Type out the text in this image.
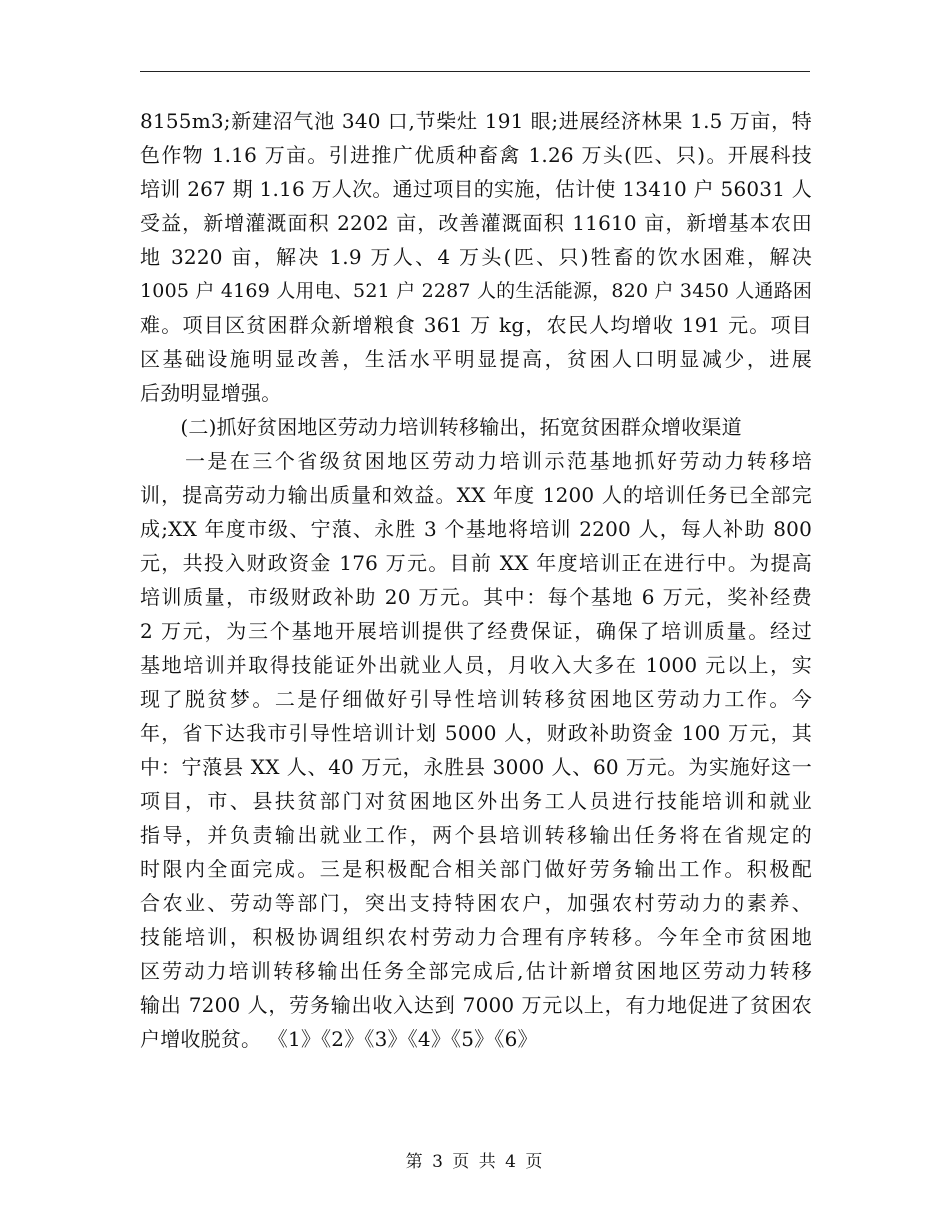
8155m3;新建沼气池 340 口,节柴灶 191 眼;进展经济林果 1.5 万亩，特
色作物 1.16 万亩。引进推广优质种畜禽 1.26 万头(匹、只)。开展科技
培训 267 期 1.16 万人次。通过项目的实施，估计使 13410 户 56031 人
受益，新增灌溉面积 2202 亩，改善灌溉面积 11610 亩，新增基本农田
地 3220 亩，解决 1.9 万人、4 万头(匹、只)牲畜的饮水困难，解决
1005 户 4169 人用电、521 户 2287 人的生活能源，820 户 3450 人通路困
难。项目区贫困群众新增粮食 361 万 kg，农民人均增收 191 元。项目
区基础设施明显改善，生活水平明显提高，贫困人口明显减少，进展
后劲明显增强。
　　(二)抓好贫困地区劳动力培训转移输出，拓宽贫困群众增收渠道
　　一是在三个省级贫困地区劳动力培训示范基地抓好劳动力转移培
训，提高劳动力输出质量和效益。XX 年度 1200 人的培训任务已全部完
成;XX 年度市级、宁蒗、永胜 3 个基地将培训 2200 人，每人补助 800
元，共投入财政资金 176 万元。目前 XX 年度培训正在进行中。为提高
培训质量，市级财政补助 20 万元。其中：每个基地 6 万元，奖补经费
2 万元，为三个基地开展培训提供了经费保证，确保了培训质量。经过
基地培训并取得技能证外出就业人员，月收入大多在 1000 元以上，实
现了脱贫梦。二是仔细做好引导性培训转移贫困地区劳动力工作。今
年，省下达我市引导性培训计划 5000 人，财政补助资金 100 万元，其
中：宁蒗县 XX 人、40 万元，永胜县 3000 人、60 万元。为实施好这一
项目，市、县扶贫部门对贫困地区外出务工人员进行技能培训和就业
指导，并负责输出就业工作，两个县培训转移输出任务将在省规定的
时限内全面完成。三是积极配合相关部门做好劳务输出工作。积极配
合农业、劳动等部门，突出支持特困农户，加强农村劳动力的素养、
技能培训，积极协调组织农村劳动力合理有序转移。今年全市贫困地
区劳动力培训转移输出任务全部完成后,估计新增贫困地区劳动力转移
输出 7200 人，劳务输出收入达到 7000 万元以上，有力地促进了贫困农
户增收脱贫。 《1》《2》《3》《4》《5》《6》
第 3 页 共 4 页
